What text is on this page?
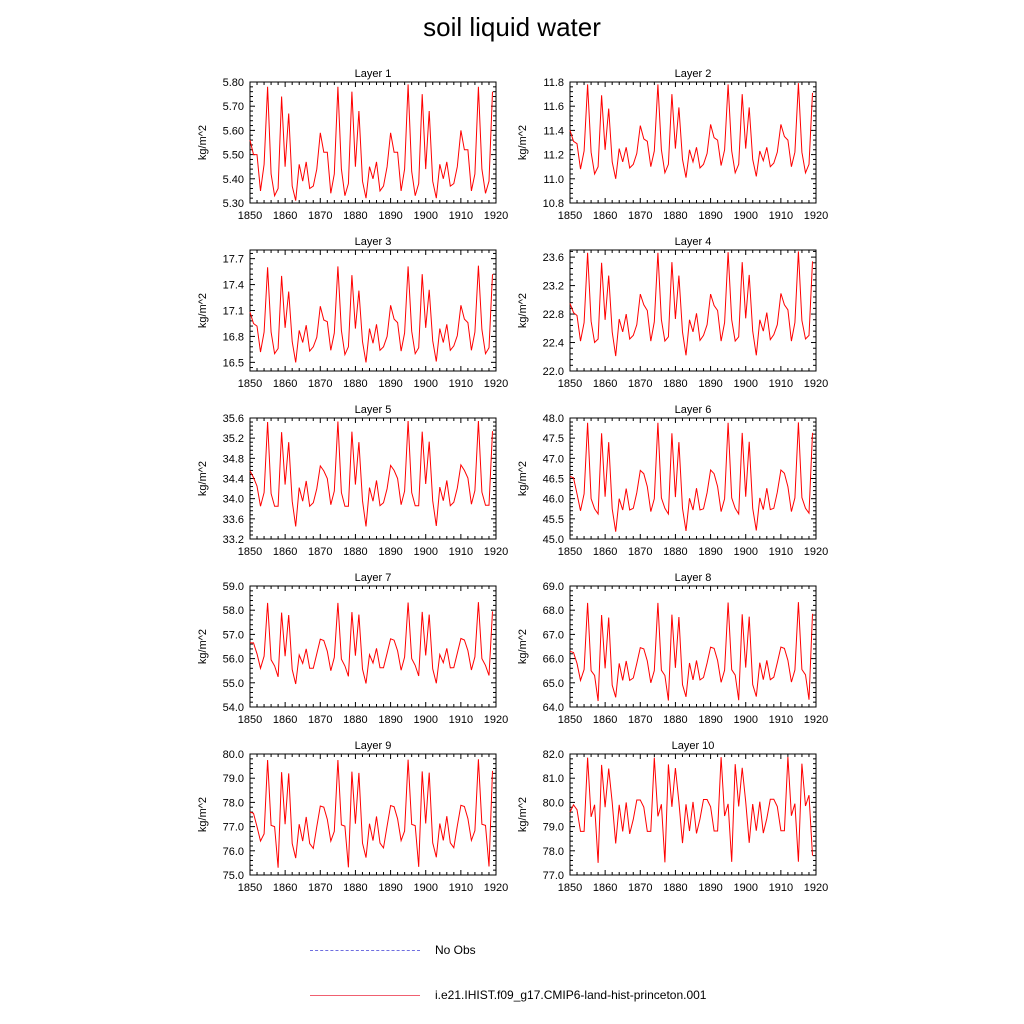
soil liquid water
Layer 1
kg/m^2
1850 1860 1870 1880 1890 1900 1910 1920
5.30
5.40
5.50
5.60
5.70
5.80
Layer 2
kg/m^2
1850 1860 1870 1880 1890 1900 1910 1920
10.8
11.0
11.2
11.4
11.6
11.8
Layer 3
kg/m^2
1850 1860 1870 1880 1890 1900 1910 1920
16.5
16.8
17.1
17.4
17.7
Layer 4
kg/m^2
1850 1860 1870 1880 1890 1900 1910 1920
22.0
22.4
22.8
23.2
23.6
Layer 5
kg/m^2
1850 1860 1870 1880 1890 1900 1910 1920
33.2
33.6
34.0
34.4
34.8
35.2
35.6
Layer 6
kg/m^2
1850 1860 1870 1880 1890 1900 1910 1920
45.0
45.5
46.0
46.5
47.0
47.5
48.0
Layer 7
kg/m^2
1850 1860 1870 1880 1890 1900 1910 1920
54.0
55.0
56.0
57.0
58.0
59.0
Layer 8
kg/m^2
1850 1860 1870 1880 1890 1900 1910 1920
64.0
65.0
66.0
67.0
68.0
69.0
Layer 9
kg/m^2
1850 1860 1870 1880 1890 1900 1910 1920
75.0
76.0
77.0
78.0
79.0
80.0
Layer 10
kg/m^2
1850 1860 1870 1880 1890 1900 1910 1920
77.0
78.0
79.0
80.0
81.0
82.0
No Obs
i.e21.IHIST.f09_g17.CMIP6-land-hist-princeton.001
